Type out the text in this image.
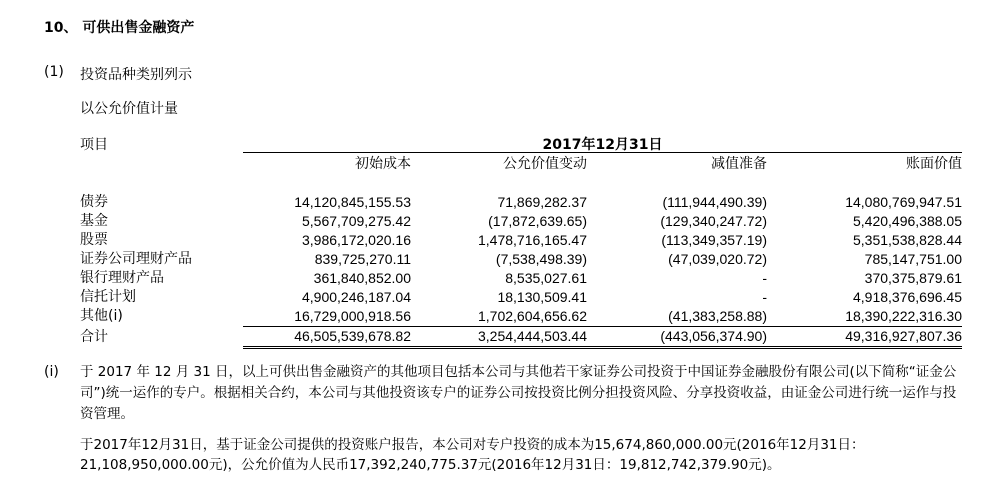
10、 可供出售金融资产
(1) 投资品种类别列示
以公允价值计量
项目	2017年12月31日
	初始成本	公允价值变动	减值准备	账面价值

债券	14,120,845,155.53	71,869,282.37	(111,944,490.39)	14,080,769,947.51
基金	5,567,709,275.42	(17,872,639.65)	(129,340,247.72)	5,420,496,388.05
股票	3,986,172,020.16	1,478,716,165.47	(113,349,357.19)	5,351,538,828.44
证券公司理财产品	839,725,270.11	(7,538,498.39)	(47,039,020.72)	785,147,751.00
银行理财产品	361,840,852.00	8,535,027.61	-	370,375,879.61
信托计划	4,900,246,187.04	18,130,509.41	-	4,918,376,696.45
其他(i)	16,729,000,918.56	1,702,604,656.62	(41,383,258.88)	18,390,222,316.30
合计	46,505,539,678.82	3,254,444,503.44	(443,056,374.90)	49,316,927,807.36
(i) 于 2017 年 12 月 31 日，以上可供出售金融资产的其他项目包括本公司与其他若干家证券公司投资于中国证券金融股份有限公司(以下简称“证金公司”)统一运作的专户。根据相关合约，本公司与其他投资该专户的证券公司按投资比例分担投资风险、分享投资收益，由证金公司进行统一运作与投资管理。
于2017年12月31日，基于证金公司提供的投资账户报告，本公司对专户投资的成本为15,674,860,000.00元(2016年12月31日：21,108,950,000.00元)，公允价值为人民币17,392,240,775.37元(2016年12月31日：19,812,742,379.90元)。
